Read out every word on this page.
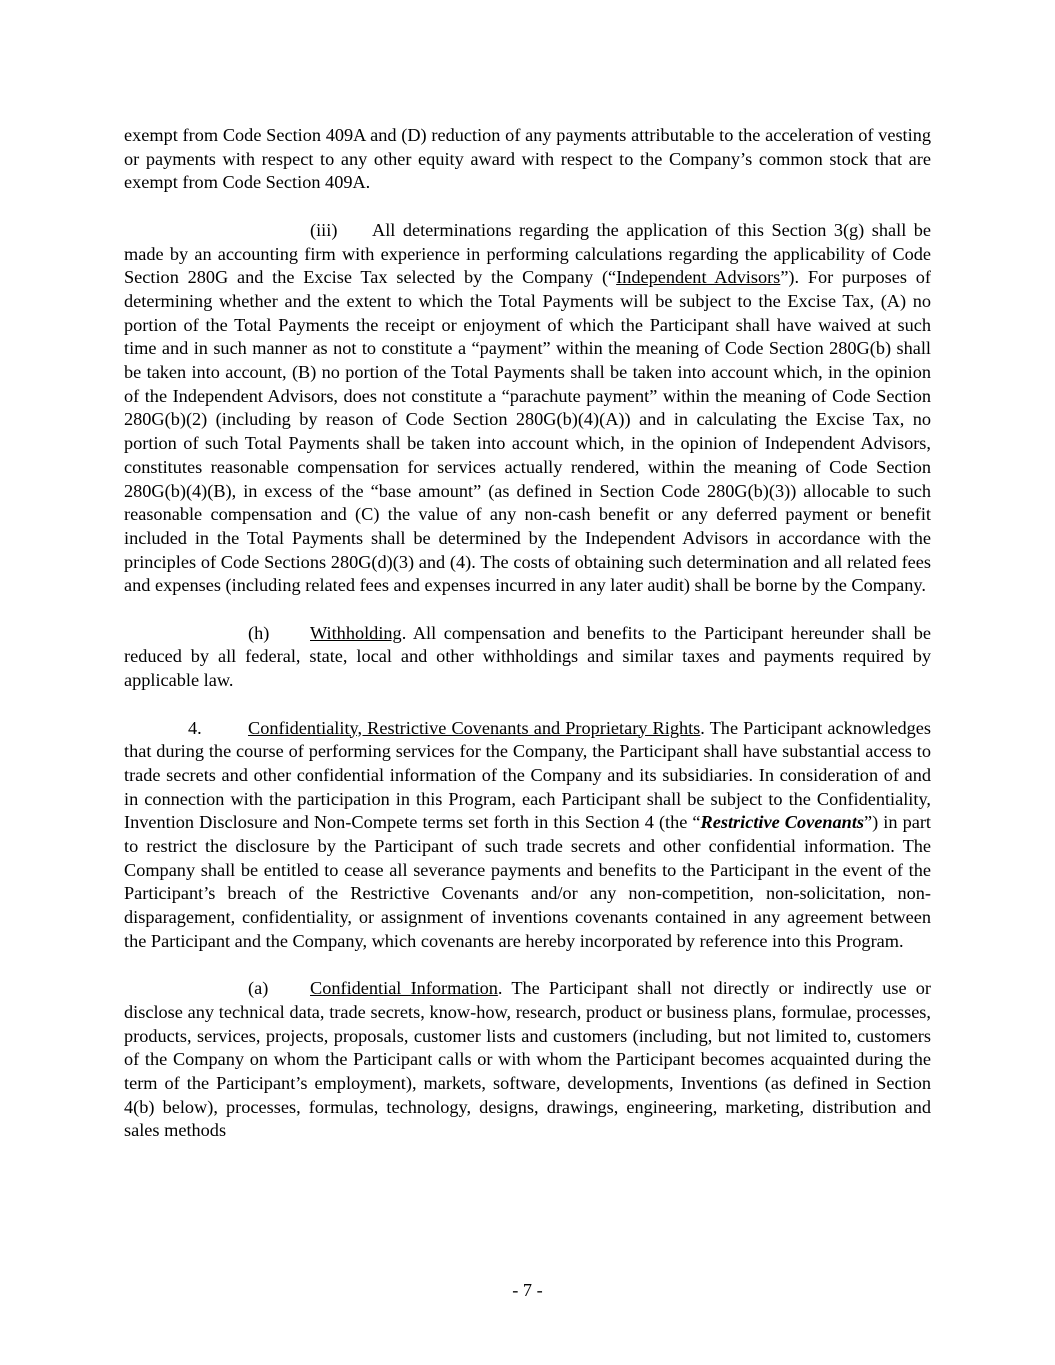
exempt from Code Section 409A and (D) reduction of any payments attributable to the acceleration of vesting or payments with respect to any other equity award with respect to the Company’s common stock that are exempt from Code Section 409A.

(iii) All determinations regarding the application of this Section 3(g) shall be made by an accounting firm with experience in performing calculations regarding the applicability of Code Section 280G and the Excise Tax selected by the Company (“Independent Advisors”). For purposes of determining whether and the extent to which the Total Payments will be subject to the Excise Tax, (A) no portion of the Total Payments the receipt or enjoyment of which the Participant shall have waived at such time and in such manner as not to constitute a “payment” within the meaning of Code Section 280G(b) shall be taken into account, (B) no portion of the Total Payments shall be taken into account which, in the opinion of the Independent Advisors, does not constitute a “parachute payment” within the meaning of Code Section 280G(b)(2) (including by reason of Code Section 280G(b)(4)(A)) and in calculating the Excise Tax, no portion of such Total Payments shall be taken into account which, in the opinion of Independent Advisors, constitutes reasonable compensation for services actually rendered, within the meaning of Code Section 280G(b)(4)(B), in excess of the “base amount” (as defined in Section Code 280G(b)(3)) allocable to such reasonable compensation and (C) the value of any non-cash benefit or any deferred payment or benefit included in the Total Payments shall be determined by the Independent Advisors in accordance with the principles of Code Sections 280G(d)(3) and (4). The costs of obtaining such determination and all related fees and expenses (including related fees and expenses incurred in any later audit) shall be borne by the Company.

(h) Withholding. All compensation and benefits to the Participant hereunder shall be reduced by all federal, state, local and other withholdings and similar taxes and payments required by applicable law.

4.	Confidentiality, Restrictive Covenants and Proprietary Rights. The Participant acknowledges that during the course of performing services for the Company, the Participant shall have substantial access to trade secrets and other confidential information of the Company and its subsidiaries. In consideration of and in connection with the participation in this Program, each Participant shall be subject to the Confidentiality, Invention Disclosure and Non-Compete terms set forth in this Section 4 (the “Restrictive Covenants”) in part to restrict the disclosure by the Participant of such trade secrets and other confidential information. The Company shall be entitled to cease all severance payments and benefits to the Participant in the event of the Participant’s breach of the Restrictive Covenants and/or any non-competition, non-solicitation, non-disparagement, confidentiality, or assignment of inventions covenants contained in any agreement between the Participant and the Company, which covenants are hereby incorporated by reference into this Program.

(a) Confidential Information. The Participant shall not directly or indirectly use or disclose any technical data, trade secrets, know-how, research, product or business plans, formulae, processes, products, services, projects, proposals, customer lists and customers (including, but not limited to, customers of the Company on whom the Participant calls or with whom the Participant becomes acquainted during the term of the Participant’s employment), markets, software, developments, Inventions (as defined in Section 4(b) below), processes, formulas, technology, designs, drawings, engineering, marketing, distribution and sales methods

- 7 -
